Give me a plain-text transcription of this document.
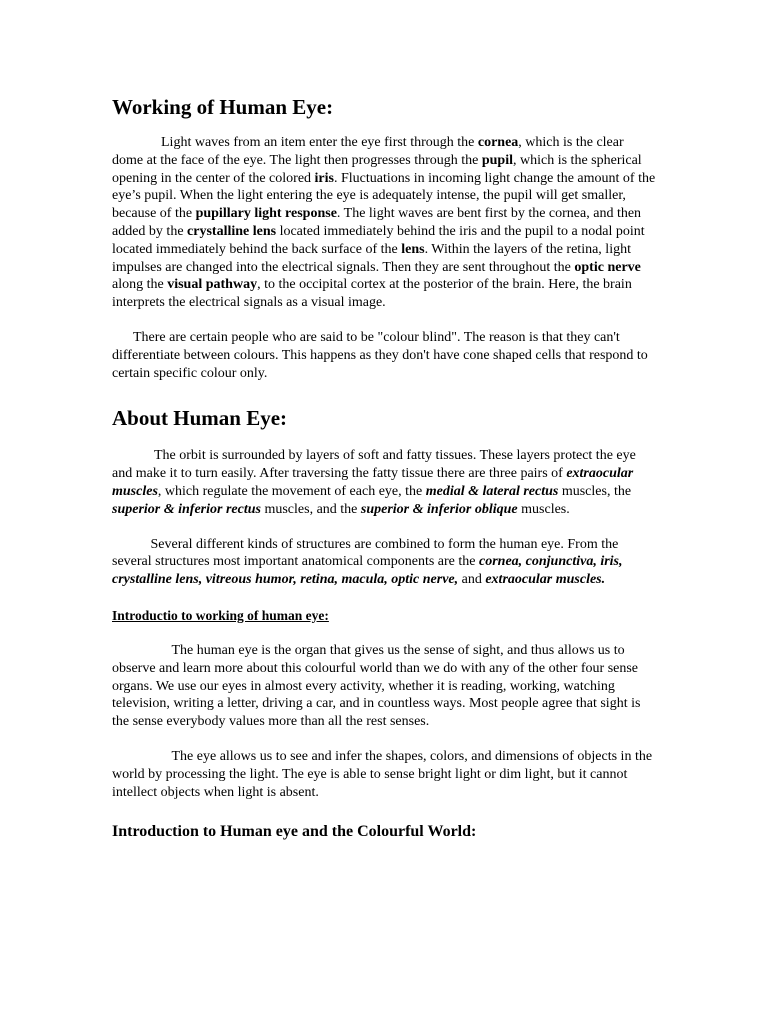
Working of Human Eye:

Light waves from an item enter the eye first through the cornea, which is the clear dome at the face of the eye. The light then progresses through the pupil, which is the spherical opening in the center of the colored iris. Fluctuations in incoming light change the amount of the eye’s pupil. When the light entering the eye is adequately intense, the pupil will get smaller, because of the pupillary light response. The light waves are bent first by the cornea, and then added by the crystalline lens located immediately behind the iris and the pupil to a nodal point located immediately behind the back surface of the lens. Within the layers of the retina, light impulses are changed into the electrical signals. Then they are sent throughout the optic nerve along the visual pathway, to the occipital cortex at the posterior of the brain. Here, the brain interprets the electrical signals as a visual image.

There are certain people who are said to be "colour blind". The reason is that they can't differentiate between colours. This happens as they don't have cone shaped cells that respond to certain specific colour only.

About Human Eye:

The orbit is surrounded by layers of soft and fatty tissues. These layers protect the eye and make it to turn easily. After traversing the fatty tissue there are three pairs of extraocular muscles, which regulate the movement of each eye, the medial & lateral rectus muscles, the superior & inferior rectus muscles, and the superior & inferior oblique muscles.

Several different kinds of structures are combined to form the human eye. From the several structures most important anatomical components are the cornea, conjunctiva, iris, crystalline lens, vitreous humor, retina, macula, optic nerve, and extraocular muscles.

Introductio to working of human eye:

The human eye is the organ that gives us the sense of sight, and thus allows us to observe and learn more about this colourful world than we do with any of the other four sense organs. We use our eyes in almost every activity, whether it is reading, working, watching television, writing a letter, driving a car, and in countless ways. Most people agree that sight is the sense everybody values more than all the rest senses.

The eye allows us to see and infer the shapes, colors, and dimensions of objects in the world by processing the light. The eye is able to sense bright light or dim light, but it cannot intellect objects when light is absent.

Introduction to Human eye and the Colourful World:
